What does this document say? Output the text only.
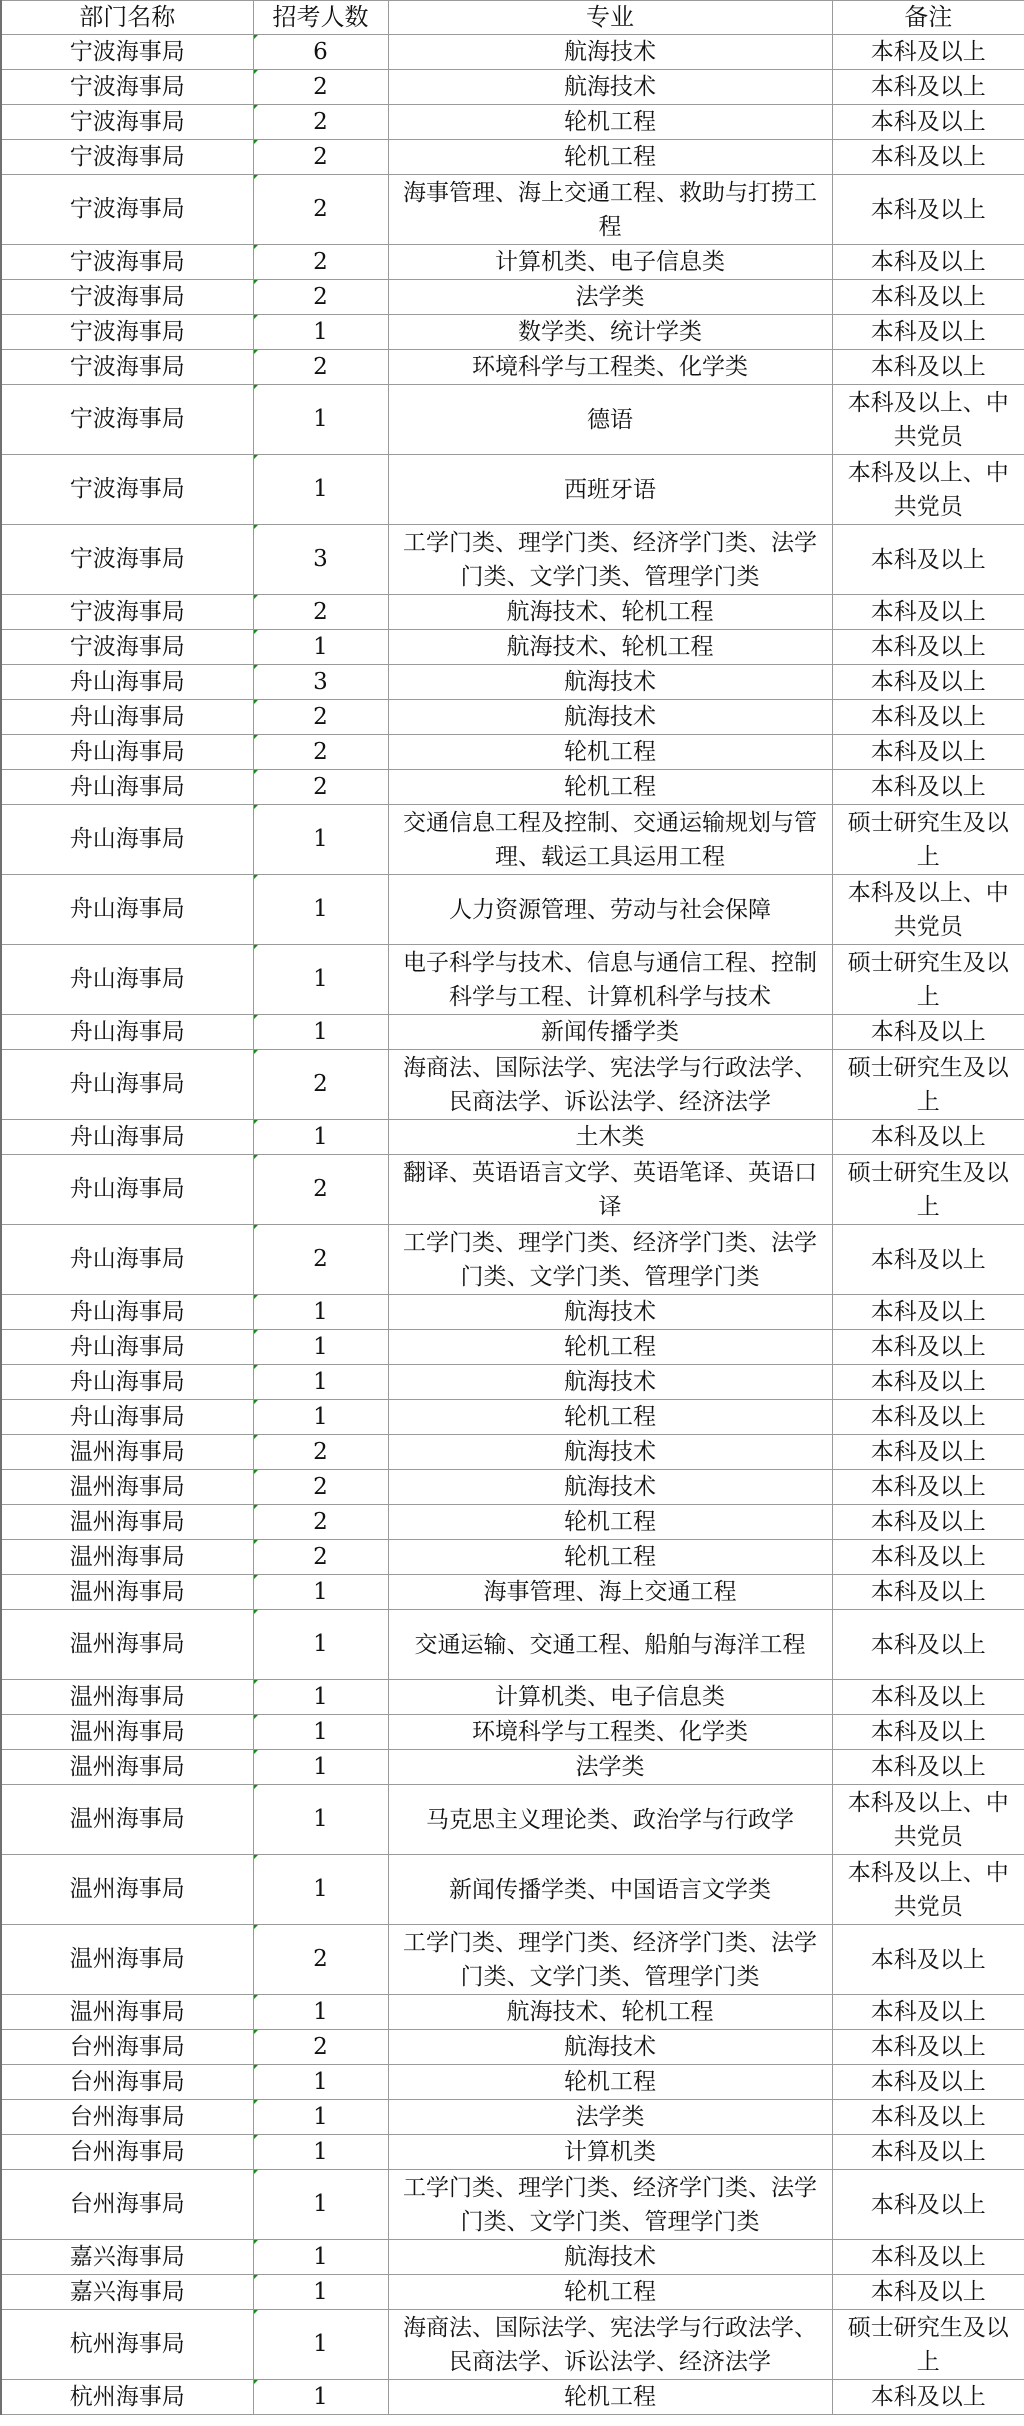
部门名称	招考人数	专业	备注
宁波海事局	6	航海技术	本科及以上
宁波海事局	2	航海技术	本科及以上
宁波海事局	2	轮机工程	本科及以上
宁波海事局	2	轮机工程	本科及以上
宁波海事局	2	海事管理、海上交通工程、救助与打捞工程	本科及以上
宁波海事局	2	计算机类、电子信息类	本科及以上
宁波海事局	2	法学类	本科及以上
宁波海事局	1	数学类、统计学类	本科及以上
宁波海事局	2	环境科学与工程类、化学类	本科及以上
宁波海事局	1	德语	本科及以上、中共党员
宁波海事局	1	西班牙语	本科及以上、中共党员
宁波海事局	3	工学门类、理学门类、经济学门类、法学门类、文学门类、管理学门类	本科及以上
宁波海事局	2	航海技术、轮机工程	本科及以上
宁波海事局	1	航海技术、轮机工程	本科及以上
舟山海事局	3	航海技术	本科及以上
舟山海事局	2	航海技术	本科及以上
舟山海事局	2	轮机工程	本科及以上
舟山海事局	2	轮机工程	本科及以上
舟山海事局	1	交通信息工程及控制、交通运输规划与管理、载运工具运用工程	硕士研究生及以上
舟山海事局	1	人力资源管理、劳动与社会保障	本科及以上、中共党员
舟山海事局	1	电子科学与技术、信息与通信工程、控制科学与工程、计算机科学与技术	硕士研究生及以上
舟山海事局	1	新闻传播学类	本科及以上
舟山海事局	2	海商法、国际法学、宪法学与行政法学、民商法学、诉讼法学、经济法学	硕士研究生及以上
舟山海事局	1	土木类	本科及以上
舟山海事局	2	翻译、英语语言文学、英语笔译、英语口译	硕士研究生及以上
舟山海事局	2	工学门类、理学门类、经济学门类、法学门类、文学门类、管理学门类	本科及以上
舟山海事局	1	航海技术	本科及以上
舟山海事局	1	轮机工程	本科及以上
舟山海事局	1	航海技术	本科及以上
舟山海事局	1	轮机工程	本科及以上
温州海事局	2	航海技术	本科及以上
温州海事局	2	航海技术	本科及以上
温州海事局	2	轮机工程	本科及以上
温州海事局	2	轮机工程	本科及以上
温州海事局	1	海事管理、海上交通工程	本科及以上
温州海事局	1	交通运输、交通工程、船舶与海洋工程	本科及以上
温州海事局	1	计算机类、电子信息类	本科及以上
温州海事局	1	环境科学与工程类、化学类	本科及以上
温州海事局	1	法学类	本科及以上
温州海事局	1	马克思主义理论类、政治学与行政学	本科及以上、中共党员
温州海事局	1	新闻传播学类、中国语言文学类	本科及以上、中共党员
温州海事局	2	工学门类、理学门类、经济学门类、法学门类、文学门类、管理学门类	本科及以上
温州海事局	1	航海技术、轮机工程	本科及以上
台州海事局	2	航海技术	本科及以上
台州海事局	1	轮机工程	本科及以上
台州海事局	1	法学类	本科及以上
台州海事局	1	计算机类	本科及以上
台州海事局	1	工学门类、理学门类、经济学门类、法学门类、文学门类、管理学门类	本科及以上
嘉兴海事局	1	航海技术	本科及以上
嘉兴海事局	1	轮机工程	本科及以上
杭州海事局	1	海商法、国际法学、宪法学与行政法学、民商法学、诉讼法学、经济法学	硕士研究生及以上
杭州海事局	1	轮机工程	本科及以上
